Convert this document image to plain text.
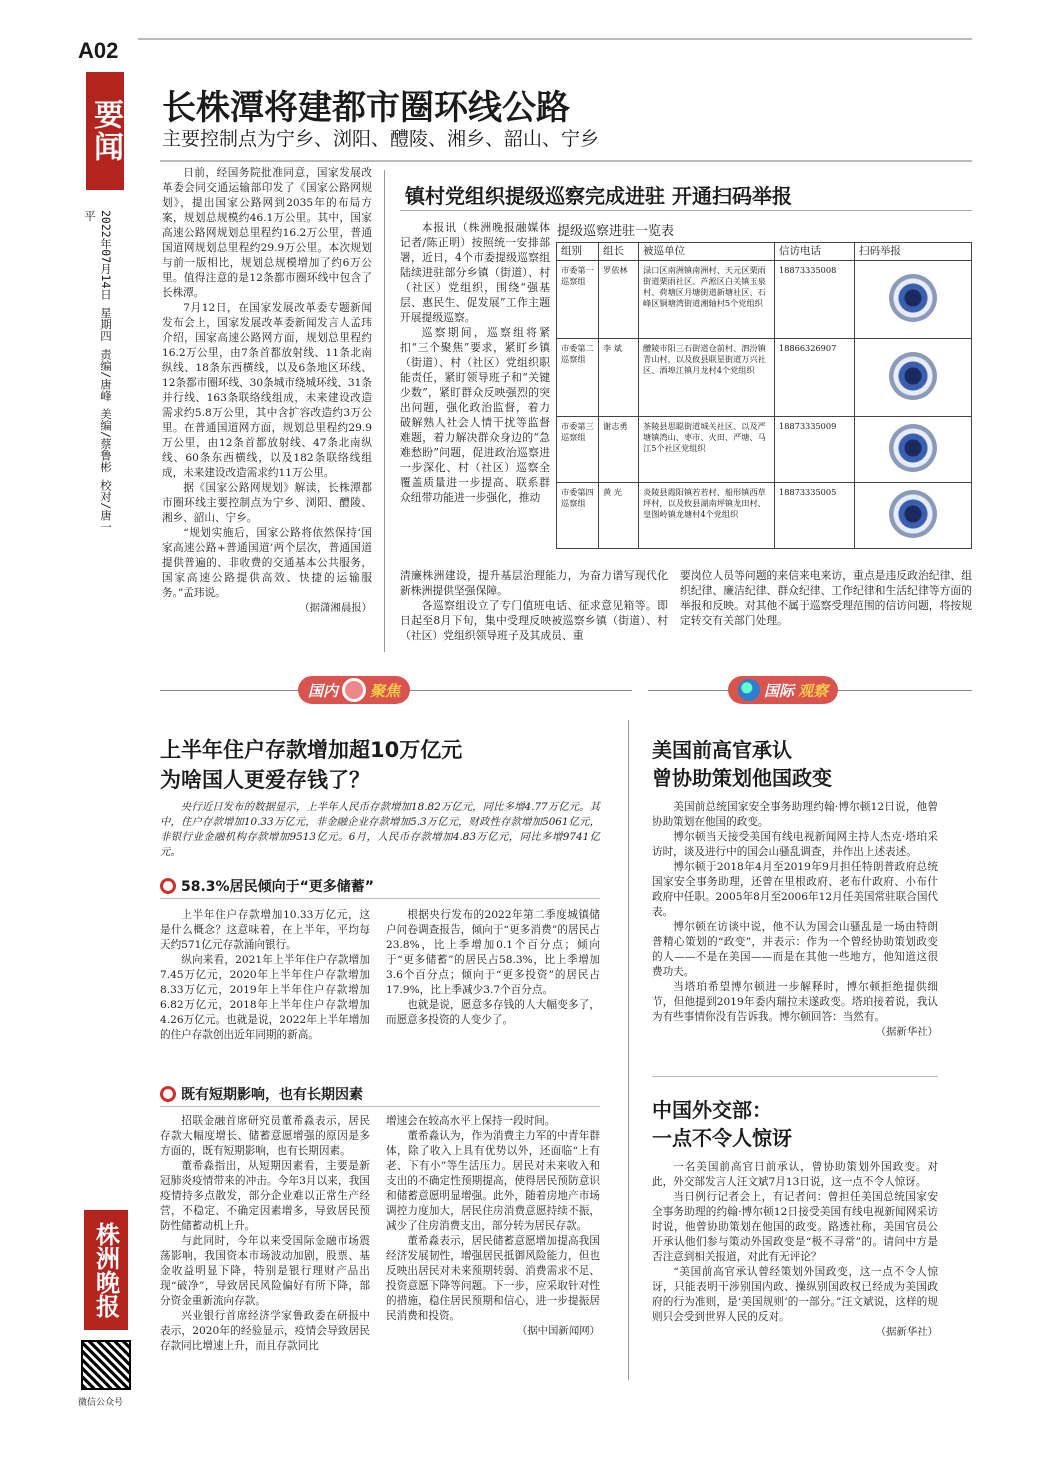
A02
要闻
2022年07月14日 星期四 责编/唐峰 美编/蔡鲁彬 校对/唐一平
株洲晚报
微信公众号
长株潭将建都市圈环线公路
主要控制点为宁乡、浏阳、醴陵、湘乡、韶山、宁乡

日前，经国务院批准同意，国家发展改革委会同交通运输部印发了《国家公路网规划》，提出国家公路网到2035年的布局方案，规划总规模约46.1万公里。其中，国家高速公路网规划总里程约16.2万公里，普通国道网规划总里程约29.9万公里。本次规划与前一版相比，规划总规模增加了约6万公里。值得注意的是12条都市圈环线中包含了长株潭。

7月12日，在国家发展改革委专题新闻发布会上，国家发展改革委新闻发言人孟玮介绍，国家高速公路网方面，规划总里程约16.2万公里，由7条首都放射线、11条北南纵线、18条东西横线，以及6条地区环线、12条都市圈环线、30条城市绕城环线、31条并行线、163条联络线组成，未来建设改造需求约5.8万公里，其中含扩容改造约3万公里。在普通国道网方面，规划总里程约29.9万公里，由12条首都放射线、47条北南纵线、60条东西横线，以及182条联络线组成，未来建设改造需求约11万公里。

据《国家公路网规划》解读，长株潭都市圈环线主要控制点为宁乡、浏阳、醴陵、湘乡、韶山、宁乡。

“规划实施后，国家公路将依然保持‘国家高速公路+普通国道’两个层次，普通国道提供普遍的、非收费的交通基本公共服务，国家高速公路提供高效、快捷的运输服务。”孟玮说。

（据潇湘晨报）
镇村党组织提级巡察完成进驻 开通扫码举报

本报讯（株洲晚报融媒体记者/陈正明）按照统一安排部署，近日，4个市委提级巡察组陆续进驻部分乡镇（街道）、村（社区）党组织，围绕“强基层、惠民生、促发展”工作主题开展提级巡察。

巡察期间，巡察组将紧扣“三个聚焦”要求，紧盯乡镇（街道）、村（社区）党组织职能责任，紧盯领导班子和“关键少数”，紧盯群众反映强烈的突出问题，强化政治监督，着力破解熟人社会人情干扰等监督难题，着力解决群众身边的“急难愁盼”问题，促进政治巡察进一步深化、村（社区）巡察全覆盖质量进一步提高、联系群众纽带功能进一步强化，推动

提级巡察进驻一览表
组别	组长	被巡单位	信访电话	扫码举报
市委第一巡察组	罗依林	渌口区南洲镇南洲村、天元区栗雨街道栗雨社区、芦淞区白关镇玉泉村、荷塘区月塘街道新塘社区、石峰区铜塘湾街道湘轴村5个党组织	18873335008	
市委第二巡察组	李 斌	醴陵市阳三石街道仓前村、泗汾镇青山村，以及攸县联星街道万兴社区、酒埠江镇月龙村4个党组织	18866326907	
市委第三巡察组	谢志勇	茶陵县思聪街道城关社区、以及严塘镇湾山、枣市、火田、严塘、马江5个社区党组织	18873335009	
市委第四巡察组	黄 光	炎陵县霞阳镇若若村、船形镇西草坪村，以及攸县湖南坪镇龙田村、皇图岭镇龙塘村4个党组织	18873335005	

清廉株洲建设，提升基层治理能力，为奋力谱写现代化新株洲提供坚强保障。

各巡察组设立了专门值班电话、征求意见箱等。即日起至8月下旬，集中受理反映被巡察乡镇（街道）、村（社区）党组织领导班子及其成员、重

要岗位人员等问题的来信来电来访，重点是违反政治纪律、组织纪律、廉洁纪律、群众纪律、工作纪律和生活纪律等方面的举报和反映。对其他不属于巡察受理范围的信访问题，将按规定转交有关部门处理。

国内 聚焦	国际 观察
上半年住户存款增加超10万亿元
为啥国人更爱存钱了？
央行近日发布的数据显示，上半年人民币存款增加18.82万亿元，同比多增4.77万亿元。其中，住户存款增加10.33万亿元，非金融企业存款增加5.3万亿元，财政性存款增加5061亿元，非银行业金融机构存款增加9513亿元。6月，人民币存款增加4.83万亿元，同比多增9741亿元。
58.3%居民倾向于“更多储蓄”

上半年住户存款增加10.33万亿元，这是什么概念？这意味着，在上半年，平均每天约571亿元存款涌向银行。

纵向来看，2021年上半年住户存款增加7.45万亿元，2020年上半年住户存款增加8.33万亿元，2019年上半年住户存款增加6.82万亿元，2018年上半年住户存款增加4.26万亿元。也就是说，2022年上半年增加的住户存款创出近年同期的新高。

根据央行发布的2022年第二季度城镇储户问卷调查报告，倾向于“更多消费”的居民占23.8%，比上季增加0.1个百分点；倾向于“更多储蓄”的居民占58.3%，比上季增加3.6个百分点；倾向于“更多投资”的居民占17.9%，比上季减少3.7个百分点。

也就是说，愿意多存钱的人大幅变多了，而愿意多投资的人变少了。

既有短期影响，也有长期因素

招联金融首席研究员董希淼表示，居民存款大幅度增长、储蓄意愿增强的原因是多方面的，既有短期影响，也有长期因素。

董希淼指出，从短期因素看，主要是新冠肺炎疫情带来的冲击。今年3月以来，我国疫情持多点散发，部分企业难以正常生产经营，不稳定、不确定因素增多，导致居民预防性储蓄动机上升。

与此同时，今年以来受国际金融市场震荡影响，我国资本市场波动加剧，股票、基金收益明显下降，特别是银行理财产品出现“破净”，导致居民风险偏好有所下降，部分资金重新流向存款。

兴业银行首席经济学家鲁政委在研报中表示，2020年的经验显示，疫情会导致居民存款同比增速上升，而且存款同比

增速会在较高水平上保持一段时间。

董希淼认为，作为消费主力军的中青年群体，除了收入上具有优势以外，还面临“上有老、下有小”等生活压力。居民对未来收入和支出的不确定性预期提高，使得居民预防意识和储蓄意愿明显增强。此外，随着房地产市场调控力度加大，居民住房消费意愿持续不振，减少了住房消费支出，部分转为居民存款。

董希淼表示，居民储蓄意愿增加提高我国经济发展韧性，增强居民抵御风险能力，但也反映出居民对未来预期转弱、消费需求不足、投资意愿下降等问题。下一步，应采取针对性的措施，稳住居民预期和信心，进一步提振居民消费和投资。

（据中国新闻网）
美国前高官承认
曾协助策划他国政变

美国前总统国家安全事务助理约翰·博尔顿12日说，他曾协助策划在他国的政变。

博尔顿当天接受美国有线电视新闻网主持人杰克·塔珀采访时，谈及进行中的国会山骚乱调查，并作出上述表述。

博尔顿于2018年4月至2019年9月担任特朗普政府总统国家安全事务助理，还曾在里根政府、老布什政府、小布什政府中任职。2005年8月至2006年12月任美国常驻联合国代表。

博尔顿在访谈中说，他不认为国会山骚乱是一场由特朗普精心策划的“政变”，并表示：作为一个曾经协助策划政变的人——不是在美国——而是在其他一些地方，他知道这很费功夫。

当塔珀希望博尔顿进一步解释时，博尔顿拒绝提供细节，但他提到2019年委内瑞拉未遂政变。塔珀接着说，我认为有些事情你没有告诉我。博尔顿回答：当然有。

（据新华社）
中国外交部：
一点不令人惊讶

一名美国前高官日前承认，曾协助策划外国政变。对此，外交部发言人汪文斌7月13日说，这一点不令人惊讶。

当日例行记者会上，有记者问：曾担任美国总统国家安全事务助理的约翰·博尔顿12日接受美国有线电视新闻网采访时说，他曾协助策划在他国的政变。路透社称，美国官员公开承认他们参与策动外国政变是“极不寻常”的。请问中方是否注意到相关报道，对此有无评论？

“美国前高官承认曾经策划外国政变，这一点不令人惊讶，只能表明干涉别国内政、操纵别国政权已经成为美国政府的行为准则，是‘美国规则’的一部分。”汪文斌说，这样的规则只会受到世界人民的反对。

（据新华社）
